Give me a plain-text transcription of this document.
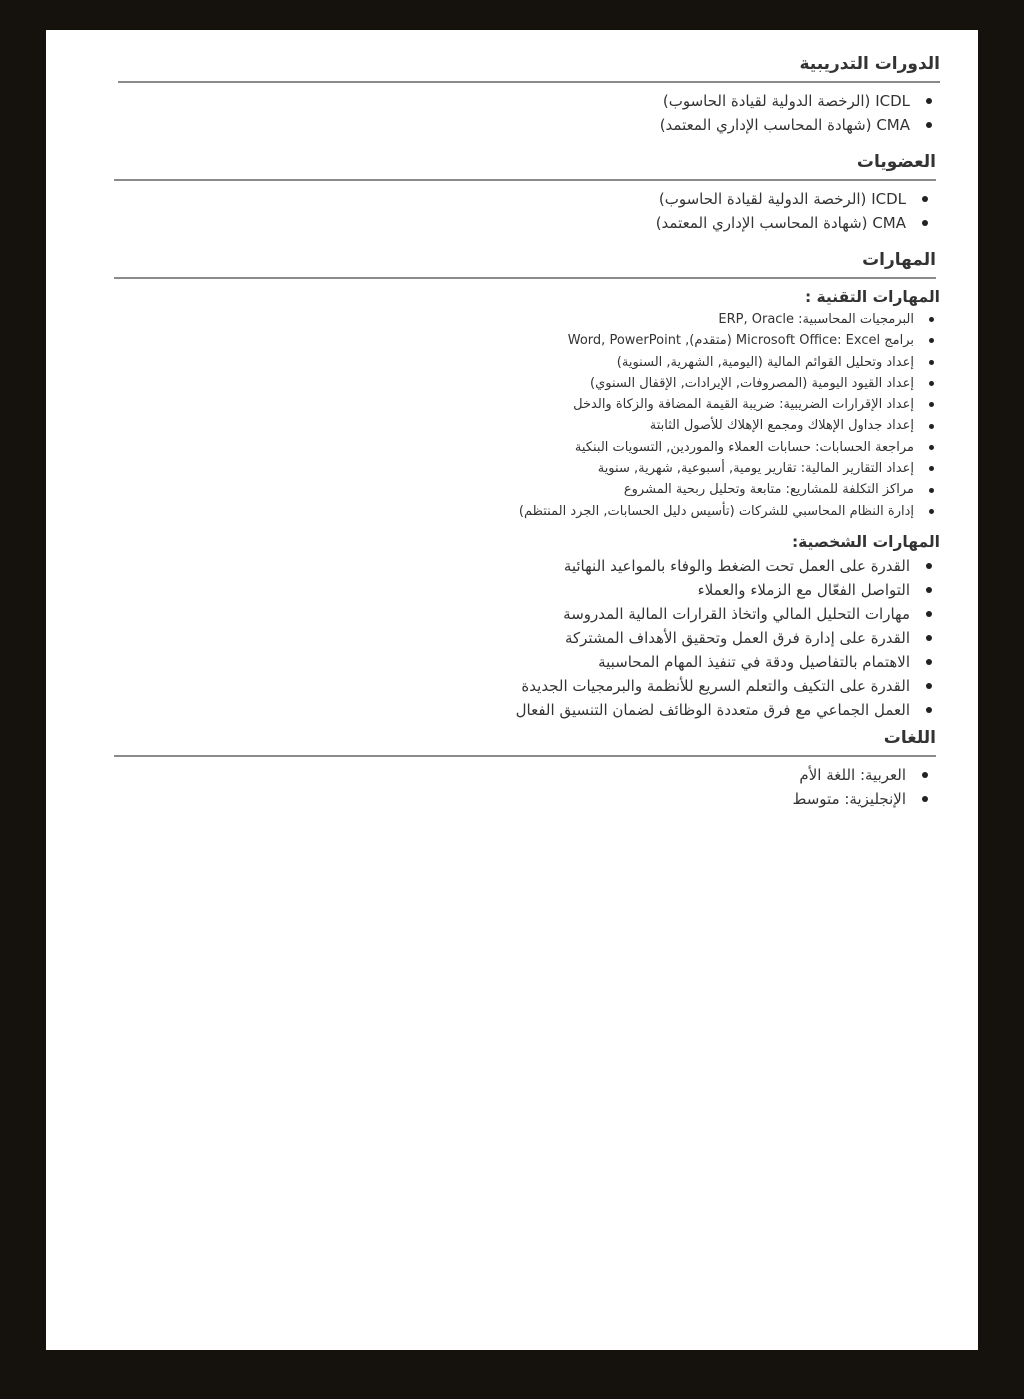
الدورات التدريبية
ICDL (الرخصة الدولية لقيادة الحاسوب)
CMA (شهادة المحاسب الإداري المعتمد)
العضويات
ICDL (الرخصة الدولية لقيادة الحاسوب)
CMA (شهادة المحاسب الإداري المعتمد)
المهارات
المهارات التقنية :
البرمجيات المحاسبية: ERP, Oracle
برامج Microsoft Office: Excel (متقدم), Word, PowerPoint
إعداد وتحليل القوائم المالية (اليومية, الشهرية, السنوية)
إعداد القيود اليومية (المصروفات, الإيرادات, الإقفال السنوي)
إعداد الإقرارات الضريبية: ضريبة القيمة المضافة والزكاة والدخل
إعداد جداول الإهلاك ومجمع الإهلاك للأصول الثابتة
مراجعة الحسابات: حسابات العملاء والموردين, التسويات البنكية
إعداد التقارير المالية: تقارير يومية, أسبوعية, شهرية, سنوية
مراكز التكلفة للمشاريع: متابعة وتحليل ربحية المشروع
إدارة النظام المحاسبي للشركات (تأسيس دليل الحسابات, الجرد المنتظم)
المهارات الشخصية:
القدرة على العمل تحت الضغط والوفاء بالمواعيد النهائية
التواصل الفعّال مع الزملاء والعملاء
مهارات التحليل المالي واتخاذ القرارات المالية المدروسة
القدرة على إدارة فرق العمل وتحقيق الأهداف المشتركة
الاهتمام بالتفاصيل ودقة في تنفيذ المهام المحاسبية
القدرة على التكيف والتعلم السريع للأنظمة والبرمجيات الجديدة
العمل الجماعي مع فرق متعددة الوظائف لضمان التنسيق الفعال
اللغات
العربية: اللغة الأم
الإنجليزية: متوسط
